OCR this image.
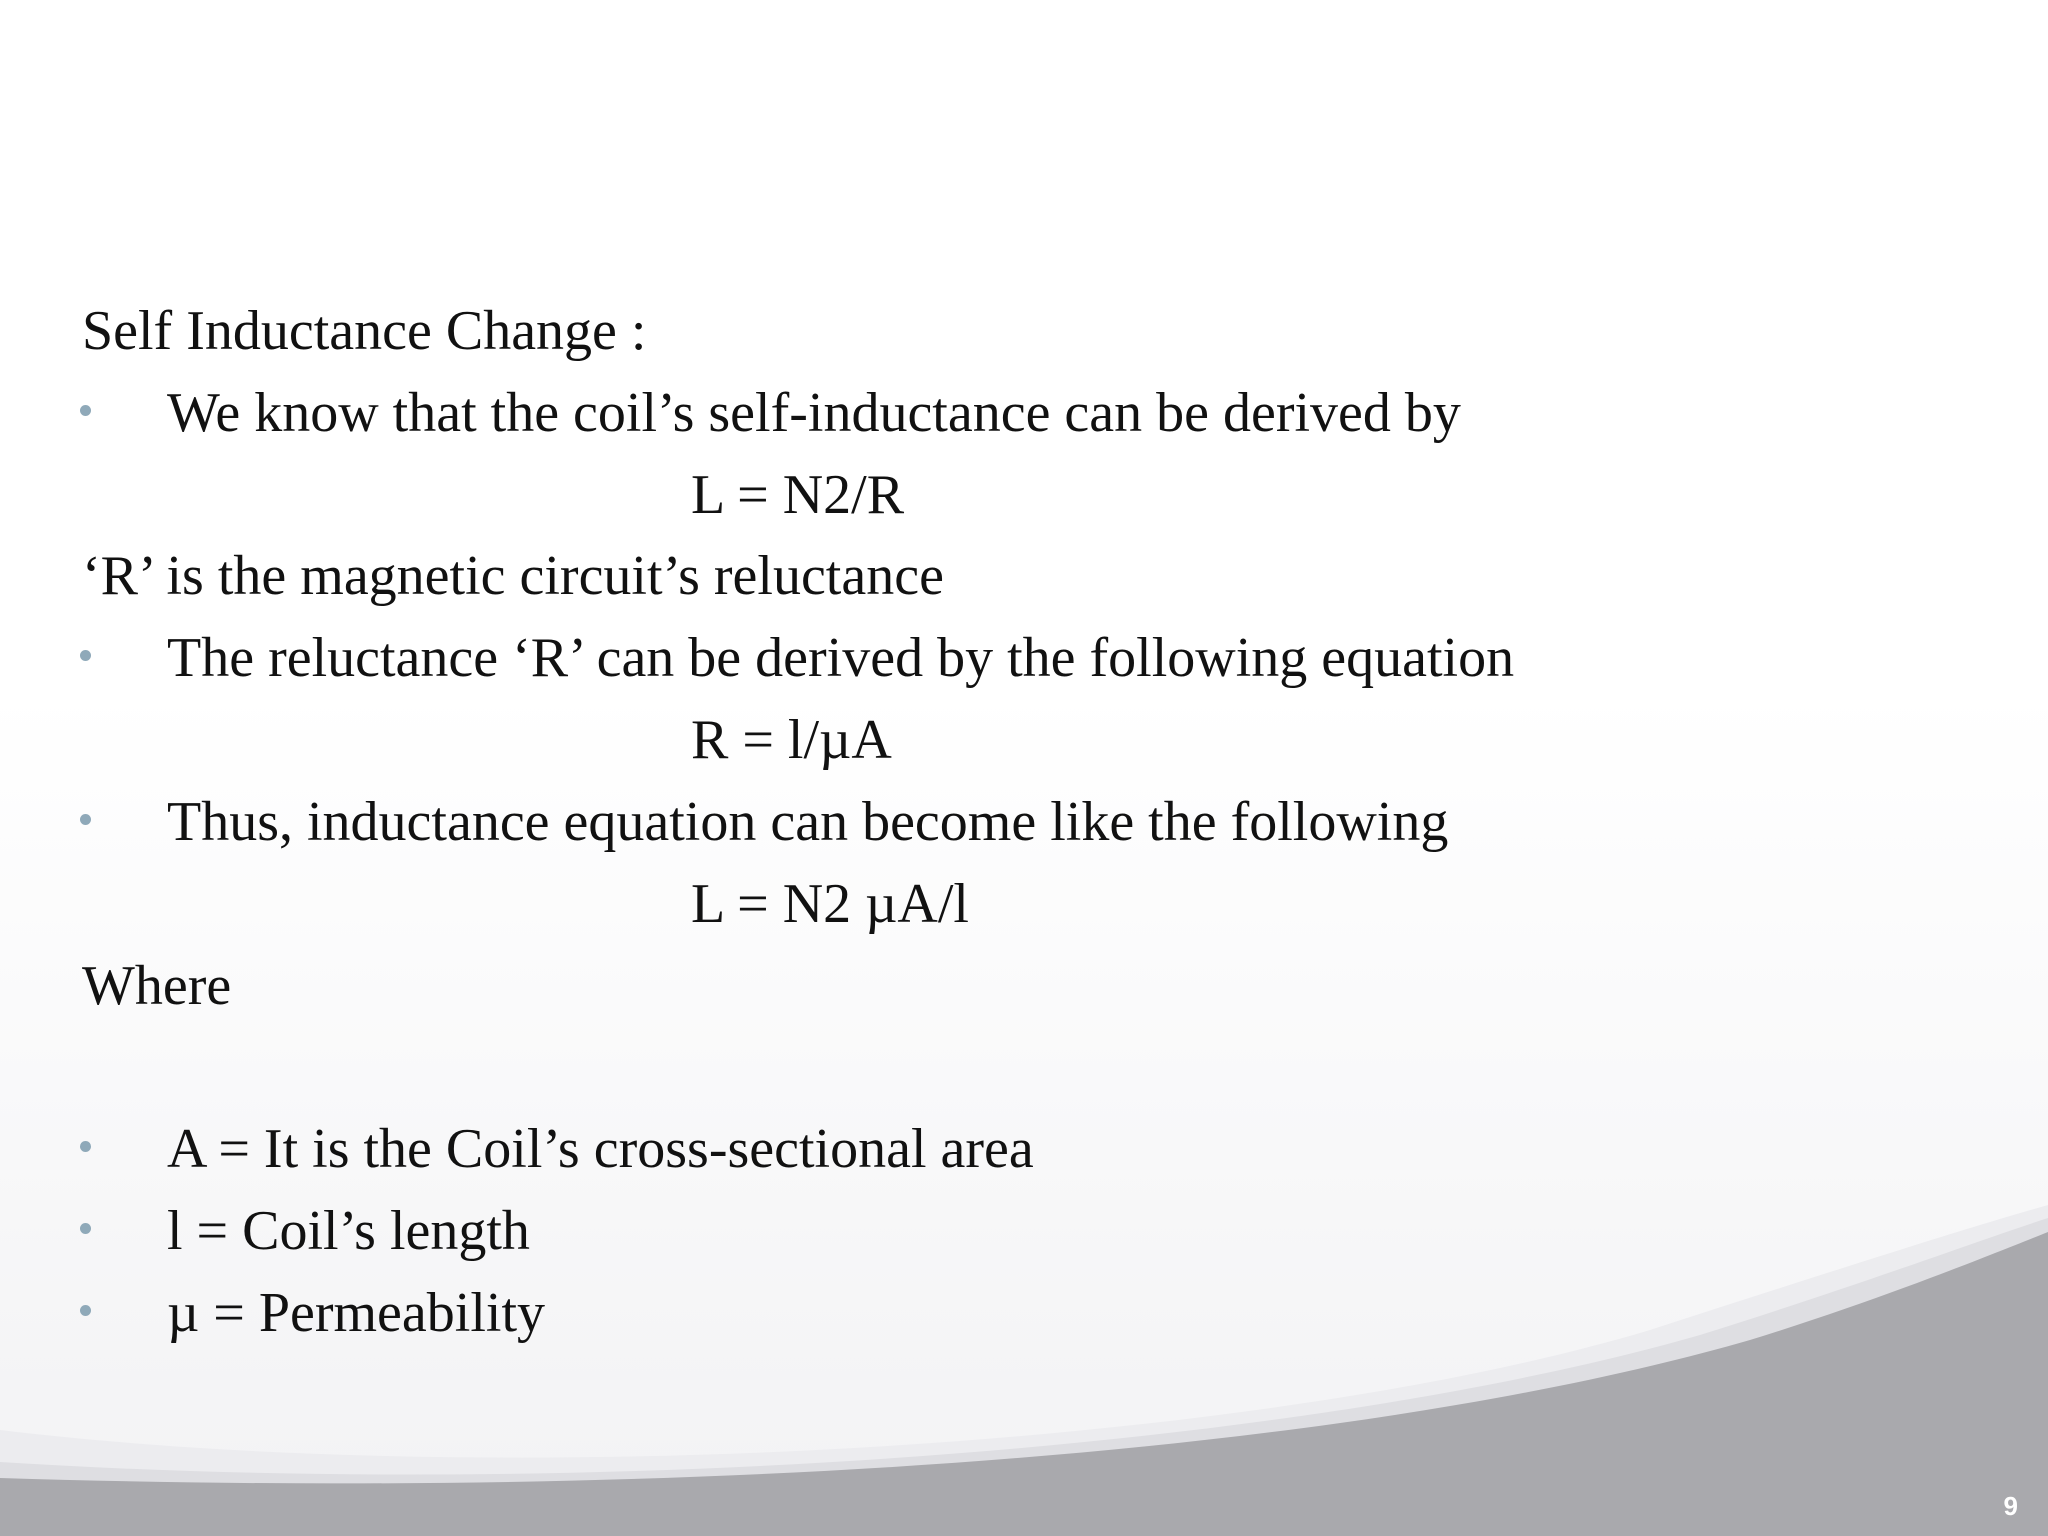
Self Inductance Change :
We know that the coil’s self-inductance can be derived by
L = N2/R
‘R’ is the magnetic circuit’s reluctance
The reluctance ‘R’ can be derived by the following equation
R = l/µA
Thus, inductance equation can become like the following
L = N2 µA/l
Where
A = It is the Coil’s cross-sectional area
l = Coil’s length
µ = Permeability
9
